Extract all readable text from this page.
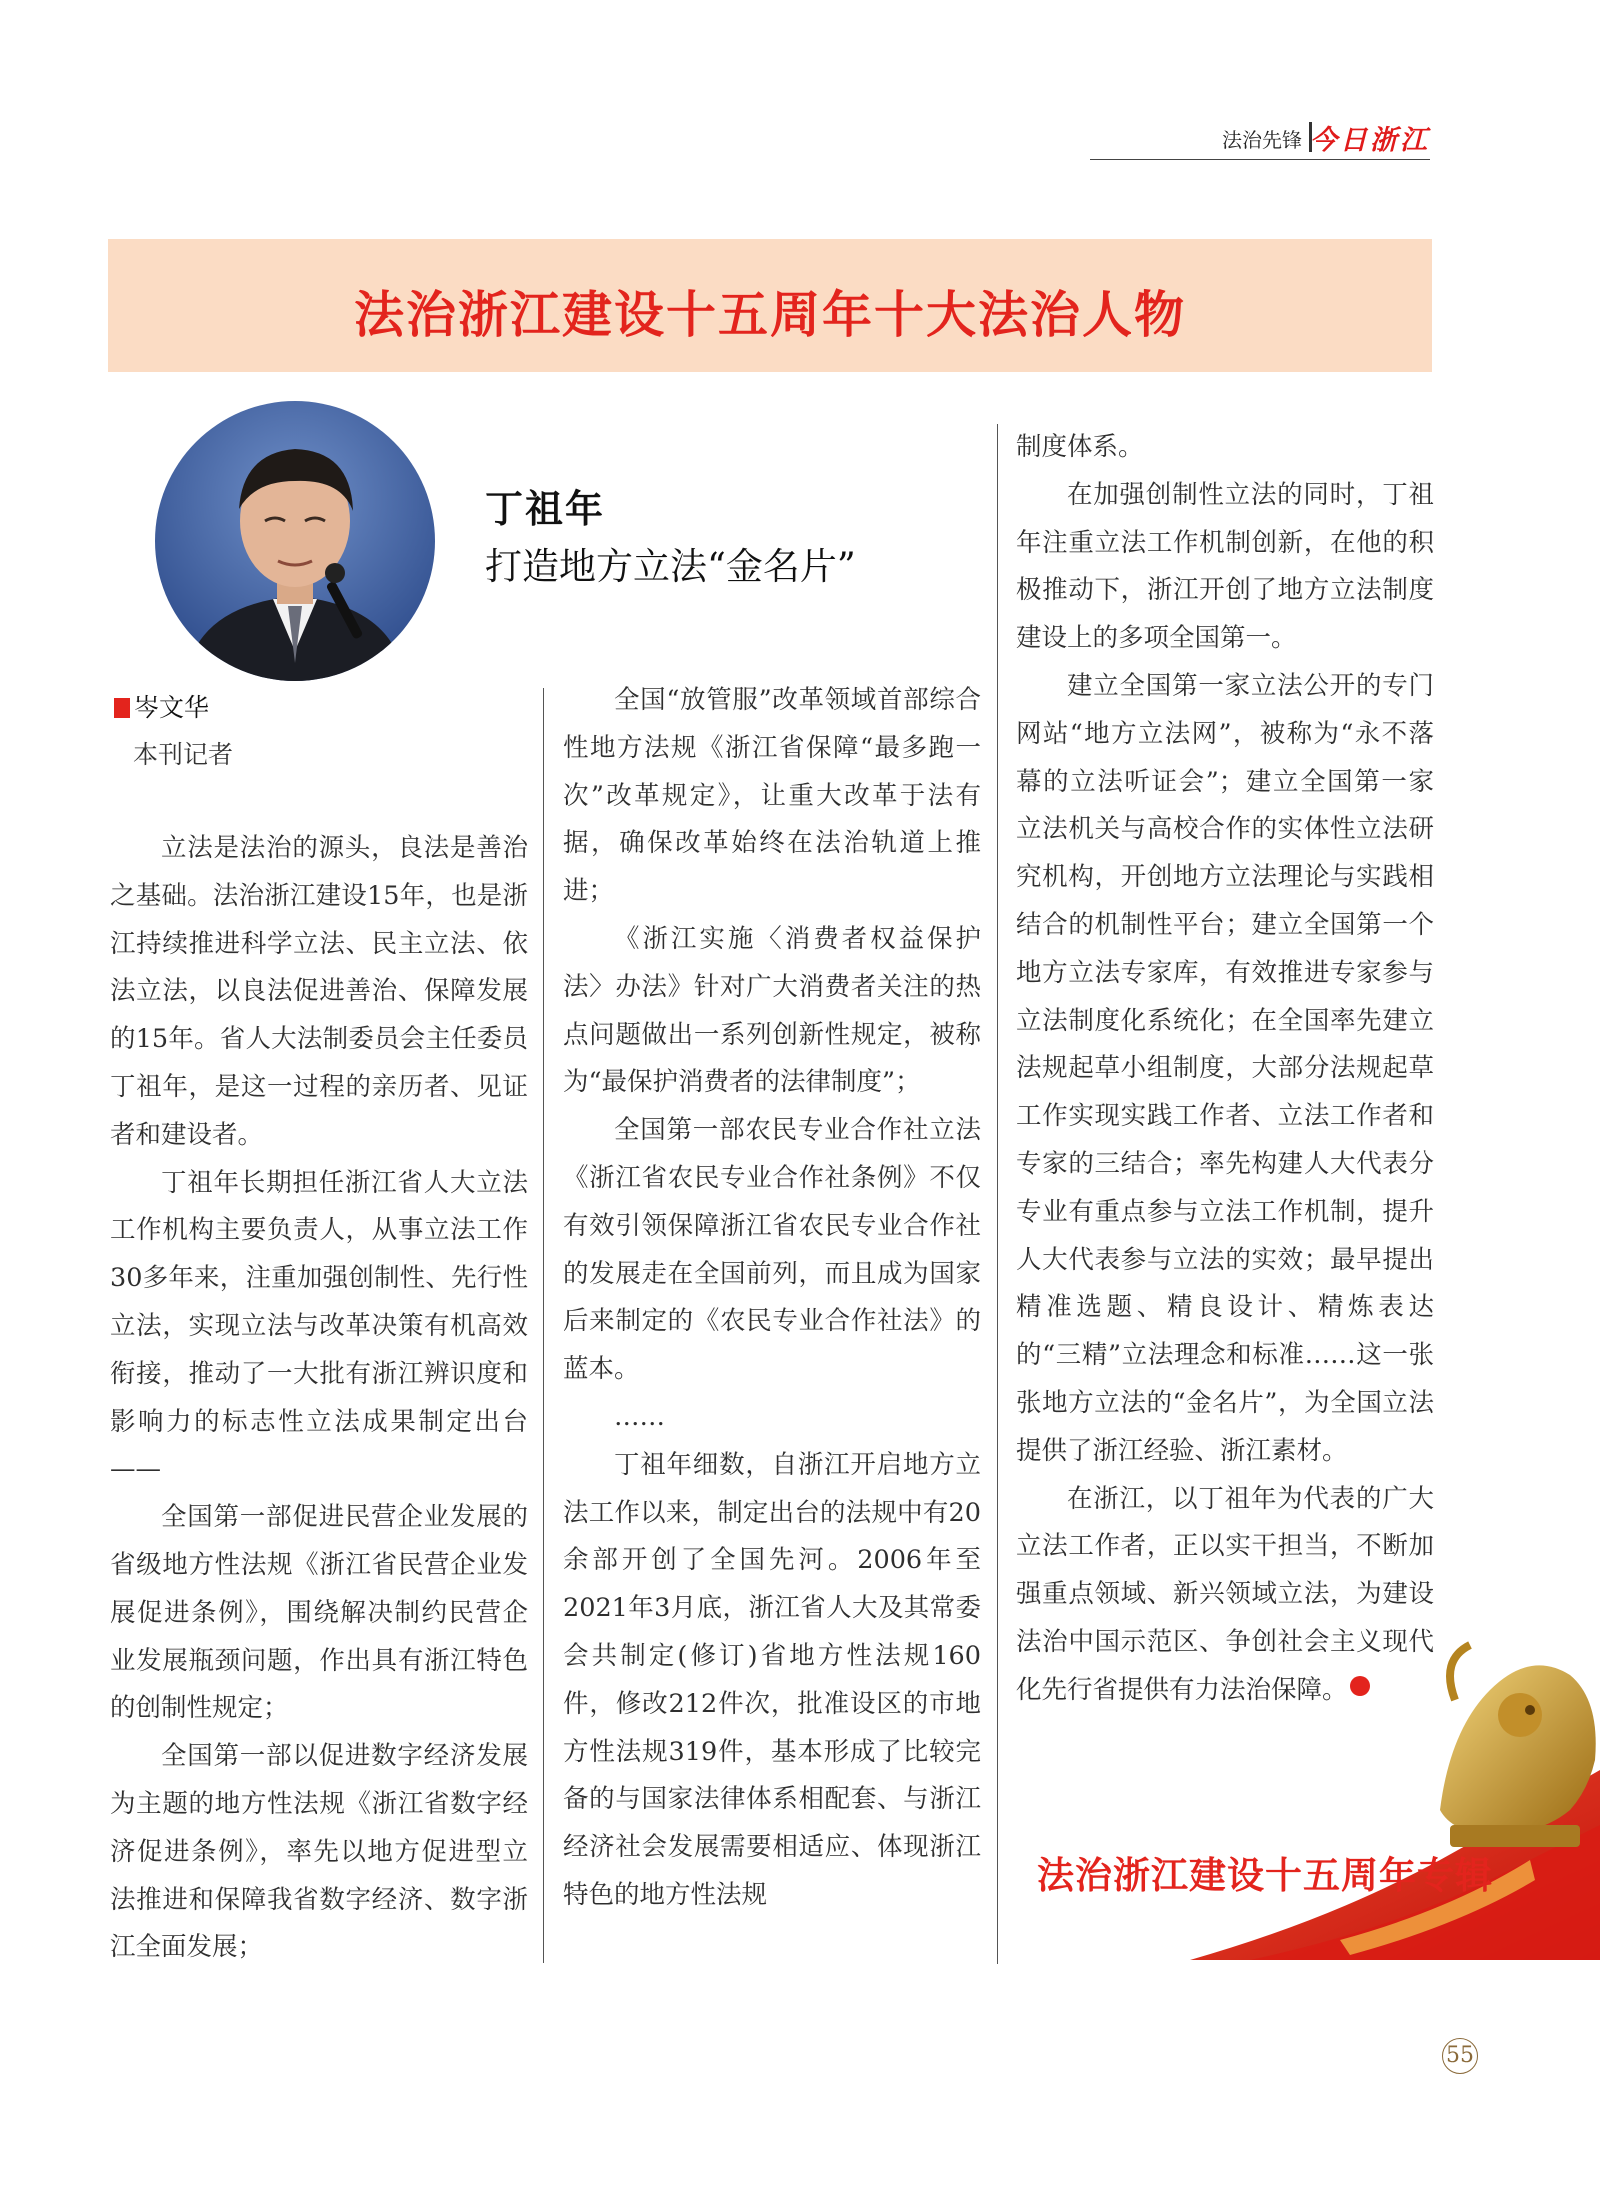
法治先锋 今日浙江
法治浙江建设十五周年十大法治人物
丁祖年
打造地方立法“金名片”
岑文华
本刊记者

立法是法治的源头，良法是善治之基础。法治浙江建设15年，也是浙江持续推进科学立法、民主立法、依法立法，以良法促进善治、保障发展的15年。省人大法制委员会主任委员丁祖年，是这一过程的亲历者、见证者和建设者。

丁祖年长期担任浙江省人大立法工作机构主要负责人，从事立法工作30多年来，注重加强创制性、先行性立法，实现立法与改革决策有机高效衔接，推动了一大批有浙江辨识度和影响力的标志性立法成果制定出台——

全国第一部促进民营企业发展的省级地方性法规《浙江省民营企业发展促进条例》，围绕解决制约民营企业发展瓶颈问题，作出具有浙江特色的创制性规定；

全国第一部以促进数字经济发展为主题的地方性法规《浙江省数字经济促进条例》，率先以地方促进型立法推进和保障我省数字经济、数字浙江全面发展；

全国“放管服”改革领域首部综合性地方法规《浙江省保障“最多跑一次”改革规定》，让重大改革于法有据，确保改革始终在法治轨道上推进；

《浙江实施〈消费者权益保护法〉办法》针对广大消费者关注的热点问题做出一系列创新性规定，被称为“最保护消费者的法律制度”；

全国第一部农民专业合作社立法《浙江省农民专业合作社条例》不仅有效引领保障浙江省农民专业合作社的发展走在全国前列，而且成为国家后来制定的《农民专业合作社法》的蓝本。

……

丁祖年细数，自浙江开启地方立法工作以来，制定出台的法规中有20余部开创了全国先河。2006年至2021年3月底，浙江省人大及其常委会共制定(修订)省地方性法规160件，修改212件次，批准设区的市地方性法规319件，基本形成了比较完备的与国家法律体系相配套、与浙江经济社会发展需要相适应、体现浙江特色的地方性法规

制度体系。

在加强创制性立法的同时，丁祖年注重立法工作机制创新，在他的积极推动下，浙江开创了地方立法制度建设上的多项全国第一。

建立全国第一家立法公开的专门网站“地方立法网”，被称为“永不落幕的立法听证会”；建立全国第一家立法机关与高校合作的实体性立法研究机构，开创地方立法理论与实践相结合的机制性平台；建立全国第一个地方立法专家库，有效推进专家参与立法制度化系统化；在全国率先建立法规起草小组制度，大部分法规起草工作实现实践工作者、立法工作者和专家的三结合；率先构建人大代表分专业有重点参与立法工作机制，提升人大代表参与立法的实效；最早提出精准选题、精良设计、精炼表达的“三精”立法理念和标准……这一张张地方立法的“金名片”，为全国立法提供了浙江经验、浙江素材。

在浙江，以丁祖年为代表的广大立法工作者，正以实干担当，不断加强重点领域、新兴领域立法，为建设法治中国示范区、争创社会主义现代化先行省提供有力法治保障。

法治浙江建设十五周年专辑
55
